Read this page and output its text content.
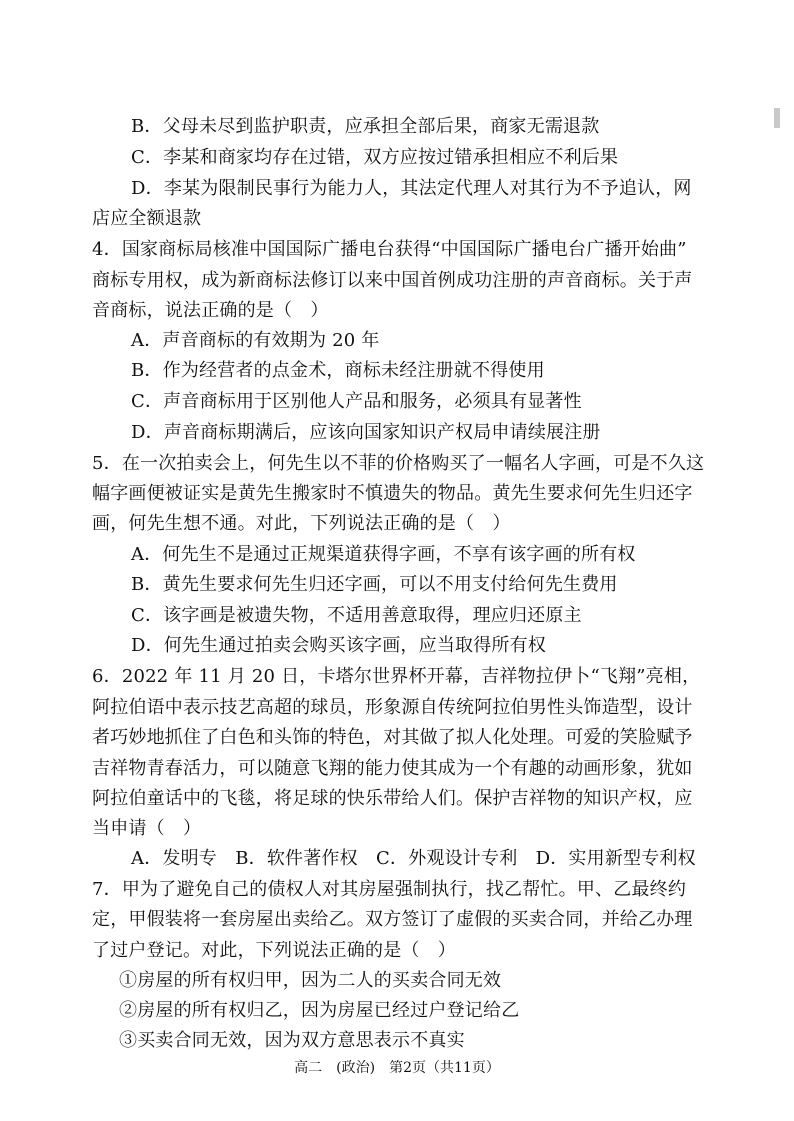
B．父母未尽到监护职责，应承担全部后果，商家无需退款
C．李某和商家均存在过错，双方应按过错承担相应不利后果
D．李某为限制民事行为能力人，其法定代理人对其行为不予追认，网
店应全额退款
4．国家商标局核准中国国际广播电台获得“中国国际广播电台广播开始曲”
商标专用权，成为新商标法修订以来中国首例成功注册的声音商标。关于声
音商标，说法正确的是（　）
A．声音商标的有效期为 20 年
B．作为经营者的点金术，商标未经注册就不得使用
C．声音商标用于区别他人产品和服务，必须具有显著性
D．声音商标期满后，应该向国家知识产权局申请续展注册
5．在一次拍卖会上，何先生以不菲的价格购买了一幅名人字画，可是不久这
幅字画便被证实是黄先生搬家时不慎遗失的物品。黄先生要求何先生归还字
画，何先生想不通。对此，下列说法正确的是（　）
A．何先生不是通过正规渠道获得字画，不享有该字画的所有权
B．黄先生要求何先生归还字画，可以不用支付给何先生费用
C．该字画是被遗失物，不适用善意取得，理应归还原主
D．何先生通过拍卖会购买该字画，应当取得所有权
6．2022 年 11 月 20 日，卡塔尔世界杯开幕，吉祥物拉伊卜“飞翔”亮相，
阿拉伯语中表示技艺高超的球员，形象源自传统阿拉伯男性头饰造型，设计
者巧妙地抓住了白色和头饰的特色，对其做了拟人化处理。可爱的笑脸赋予
吉祥物青春活力，可以随意飞翔的能力使其成为一个有趣的动画形象，犹如
阿拉伯童话中的飞毯，将足球的快乐带给人们。保护吉祥物的知识产权，应
当申请（　）
A．发明专　B．软件著作权　C．外观设计专利　D．实用新型专利权
7．甲为了避免自己的债权人对其房屋强制执行，找乙帮忙。甲、乙最终约
定，甲假装将一套房屋出卖给乙。双方签订了虚假的买卖合同，并给乙办理
了过户登记。对此，下列说法正确的是（　）
①房屋的所有权归甲，因为二人的买卖合同无效
②房屋的所有权归乙，因为房屋已经过户登记给乙
③买卖合同无效，因为双方意思表示不真实
高二　(政治)　第2页（共11页）
